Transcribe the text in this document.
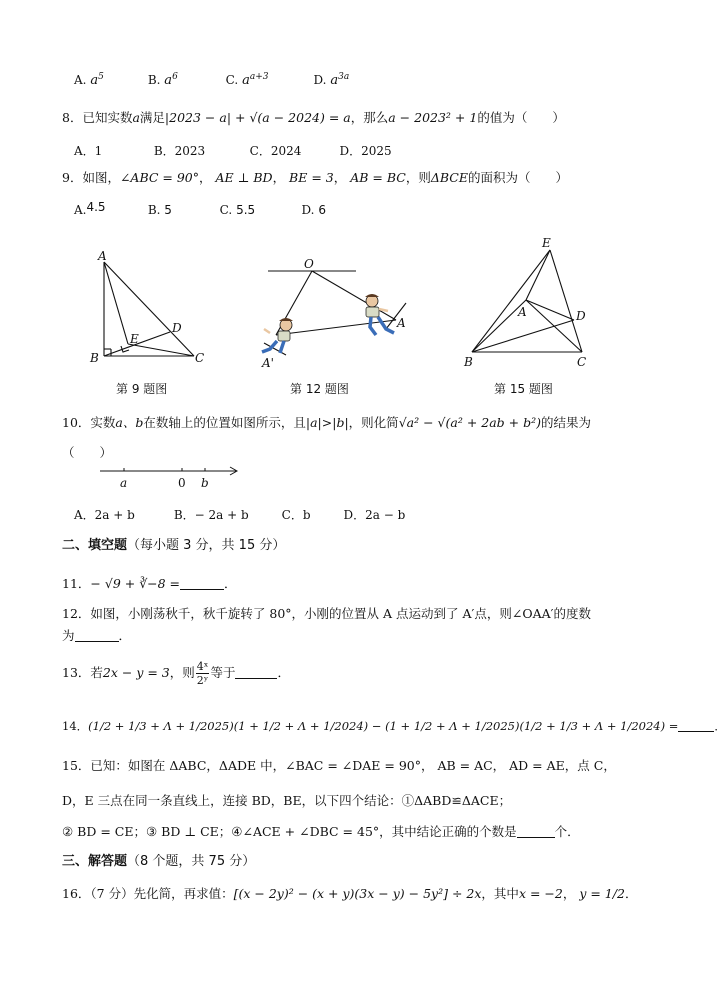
A. $a^5$	B. $a^6$	C. $a^{a+3}$	D. $a^{3a}$
8．已知实数a满足|2023 − a| + √(a − 2024) = a，那么a − 2023² + 1的值为（　　）
A．1	B．2023	C．2024	D．2025
9．如图，∠ABC = 90°， AE ⊥ BD， BE = 3， AB = BC，则ΔBCE的面积为（　　）
A.4.5	B. 5	C. 5.5	D. 6
A
B	C
D
E
第 9 题图
O
A
A'
第 12 题图
E
A	D
B	C
第 15 题图
10．实数a、b在数轴上的位置如图所示，且|a|>|b|，则化简√a² − √(a² + 2ab + b²)的结果为
（　　）
a	0 b
A．2a + b	B．− 2a + b	C．b	D．2a − b
二、填空题（每小题 3 分，共 15 分）
11．− √9 + ∛−8 =	．
12．如图，小刚荡秋千，秋千旋转了 80°，小刚的位置从 A 点运动到了 A′点，则∠OAA′的度数
为	．
13．若2x − y = 3，则 $\frac{\text{4ˣ}}{\text{2ʸ}}$ 等于	．
14．(1/2 + 1/3 + Λ + 1/2025)(1 + 1/2 + Λ + 1/2024) − (1 + 1/2 + Λ + 1/2025)(1/2 + 1/3 + Λ + 1/2024) =	．
15．已知：如图在 ΔABC，ΔADE 中，∠BAC = ∠DAE = 90°， AB = AC， AD = AE，点 C，
D，E 三点在同一条直线上，连接 BD，BE，以下四个结论：①ΔABD≌ΔACE；
② BD = CE；③ BD ⊥ CE；④∠ACE + ∠DBC = 45°，其中结论正确的个数是	个．
三、解答题（8 个题，共 75 分）
16．（7 分）先化简，再求值：[(x − 2y)² − (x + y)(3x − y) − 5y²] ÷ 2x，其中x = −2， y = 1/2．
